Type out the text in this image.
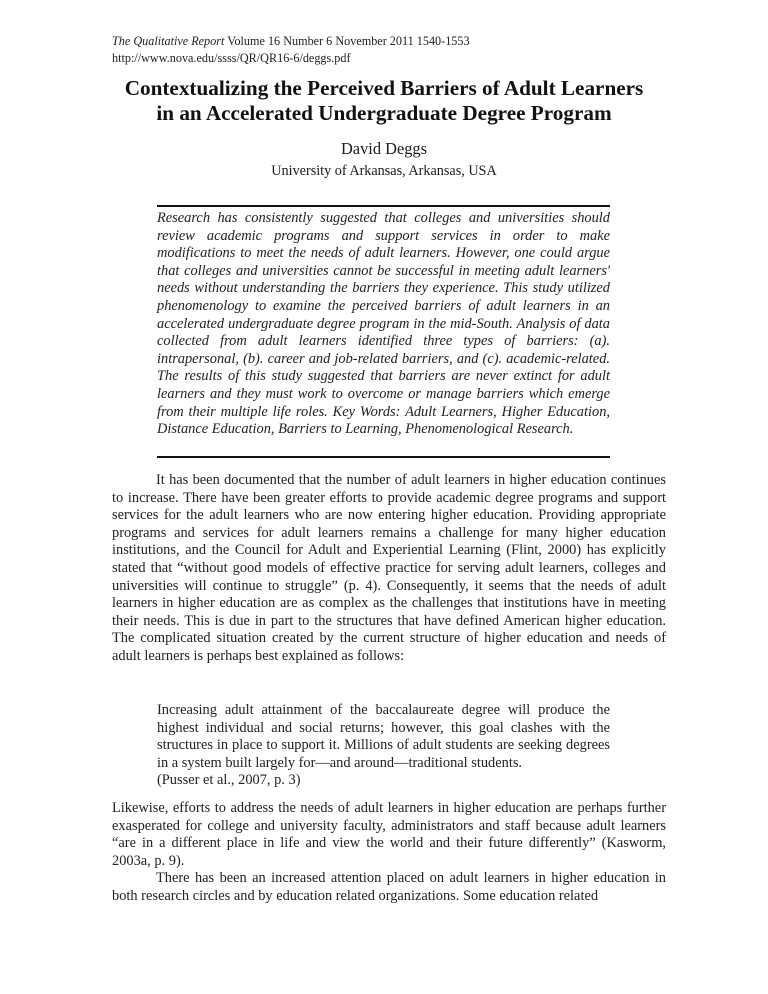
The Qualitative Report Volume 16 Number 6 November 2011 1540-1553
http://www.nova.edu/ssss/QR/QR16-6/deggs.pdf
Contextualizing the Perceived Barriers of Adult Learners
in an Accelerated Undergraduate Degree Program
David Deggs
University of Arkansas, Arkansas, USA
Research has consistently suggested that colleges and universities should review academic programs and support services in order to make modifications to meet the needs of adult learners. However, one could argue that colleges and universities cannot be successful in meeting adult learners' needs without understanding the barriers they experience. This study utilized phenomenology to examine the perceived barriers of adult learners in an accelerated undergraduate degree program in the mid-South. Analysis of data collected from adult learners identified three types of barriers: (a). intrapersonal, (b). career and job-related barriers, and (c). academic-related. The results of this study suggested that barriers are never extinct for adult learners and they must work to overcome or manage barriers which emerge from their multiple life roles. Key Words: Adult Learners, Higher Education, Distance Education, Barriers to Learning, Phenomenological Research.
It has been documented that the number of adult learners in higher education continues to increase. There have been greater efforts to provide academic degree programs and support services for the adult learners who are now entering higher education. Providing appropriate programs and services for adult learners remains a challenge for many higher education institutions, and the Council for Adult and Experiential Learning (Flint, 2000) has explicitly stated that “without good models of effective practice for serving adult learners, colleges and universities will continue to struggle” (p. 4). Consequently, it seems that the needs of adult learners in higher education are as complex as the challenges that institutions have in meeting their needs. This is due in part to the structures that have defined American higher education. The complicated situation created by the current structure of higher education and needs of adult learners is perhaps best explained as follows:
Increasing adult attainment of the baccalaureate degree will produce the highest individual and social returns; however, this goal clashes with the structures in place to support it. Millions of adult students are seeking degrees in a system built largely for—and around—traditional students.
(Pusser et al., 2007, p. 3)
Likewise, efforts to address the needs of adult learners in higher education are perhaps further exasperated for college and university faculty, administrators and staff because adult learners “are in a different place in life and view the world and their future differently” (Kasworm, 2003a, p. 9).
There has been an increased attention placed on adult learners in higher education in both research circles and by education related organizations. Some education related
